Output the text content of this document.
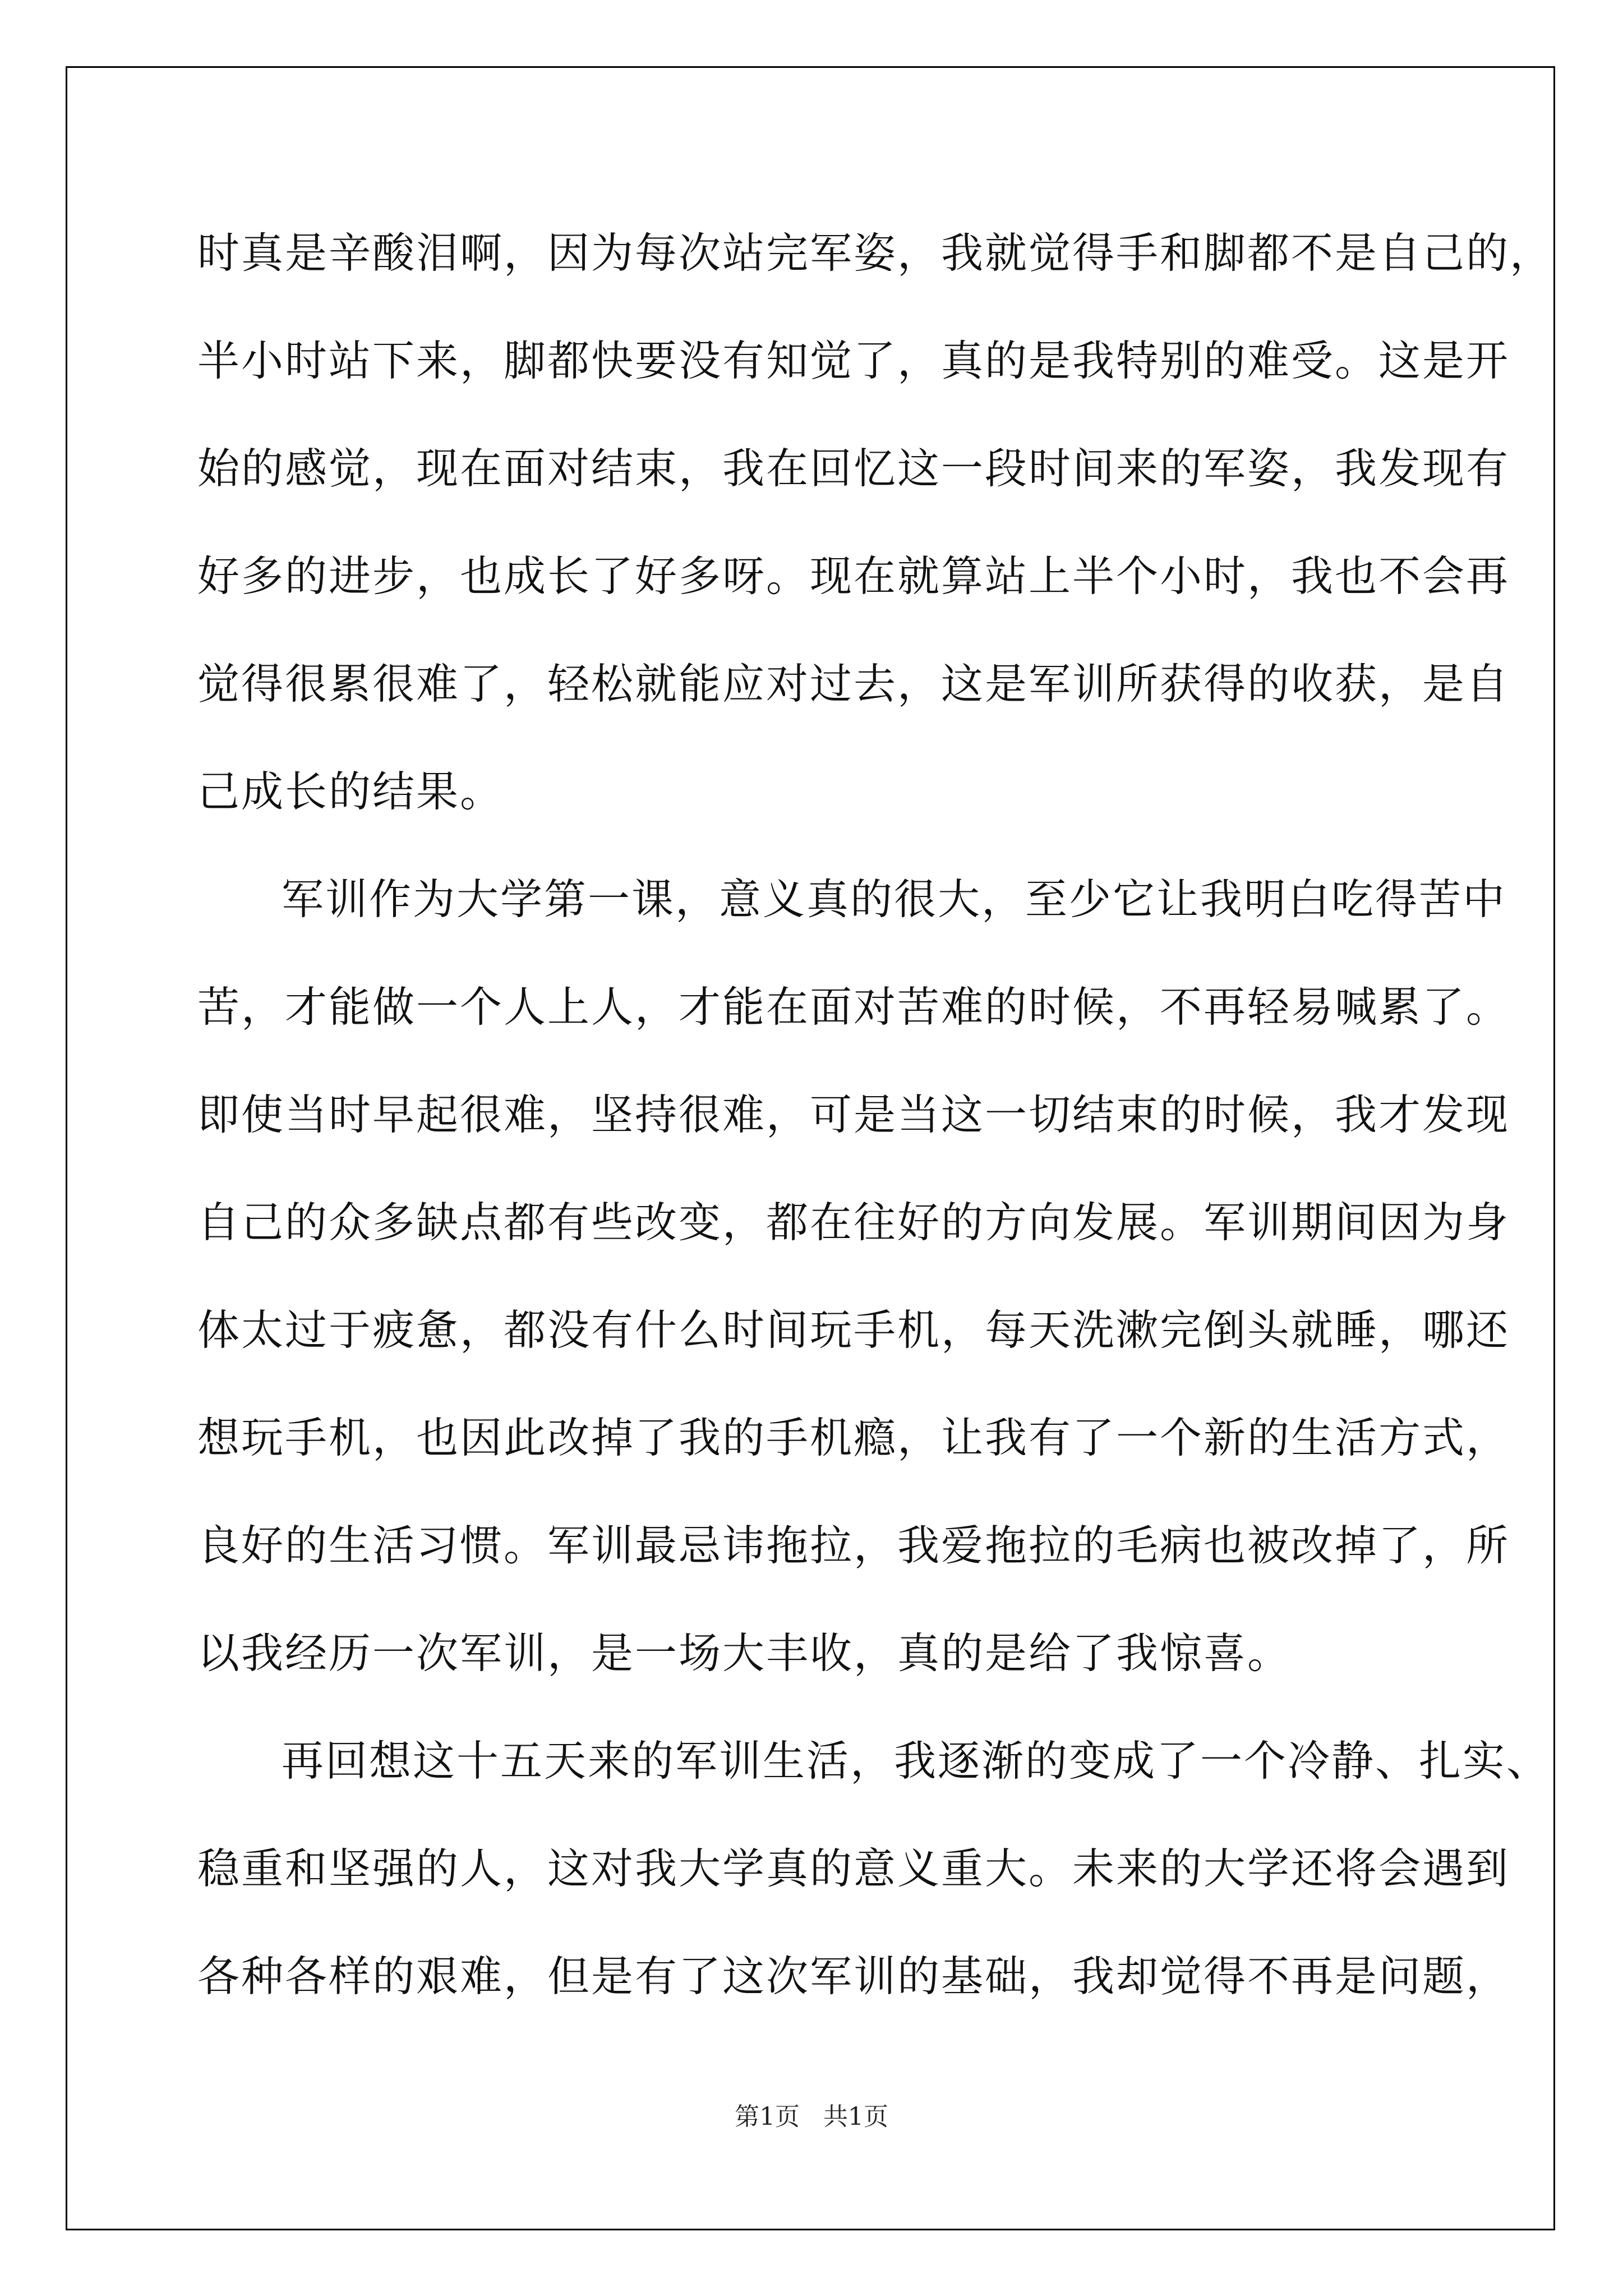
时真是辛酸泪啊，因为每次站完军姿，我就觉得手和脚都不是自己的，

半小时站下来，脚都快要没有知觉了，真的是我特别的难受。这是开

始的感觉，现在面对结束，我在回忆这一段时间来的军姿，我发现有

好多的进步，也成长了好多呀。现在就算站上半个小时，我也不会再

觉得很累很难了，轻松就能应对过去，这是军训所获得的收获，是自

己成长的结果。

军训作为大学第一课，意义真的很大，至少它让我明白吃得苦中

苦，才能做一个人上人，才能在面对苦难的时候，不再轻易喊累了。

即使当时早起很难，坚持很难，可是当这一切结束的时候，我才发现

自己的众多缺点都有些改变，都在往好的方向发展。军训期间因为身

体太过于疲惫，都没有什么时间玩手机，每天洗漱完倒头就睡，哪还

想玩手机，也因此改掉了我的手机瘾，让我有了一个新的生活方式，

良好的生活习惯。军训最忌讳拖拉，我爱拖拉的毛病也被改掉了，所

以我经历一次军训，是一场大丰收，真的是给了我惊喜。

再回想这十五天来的军训生活，我逐渐的变成了一个冷静、扎实、

稳重和坚强的人，这对我大学真的意义重大。未来的大学还将会遇到

各种各样的艰难，但是有了这次军训的基础，我却觉得不再是问题，

第1页   共1页
